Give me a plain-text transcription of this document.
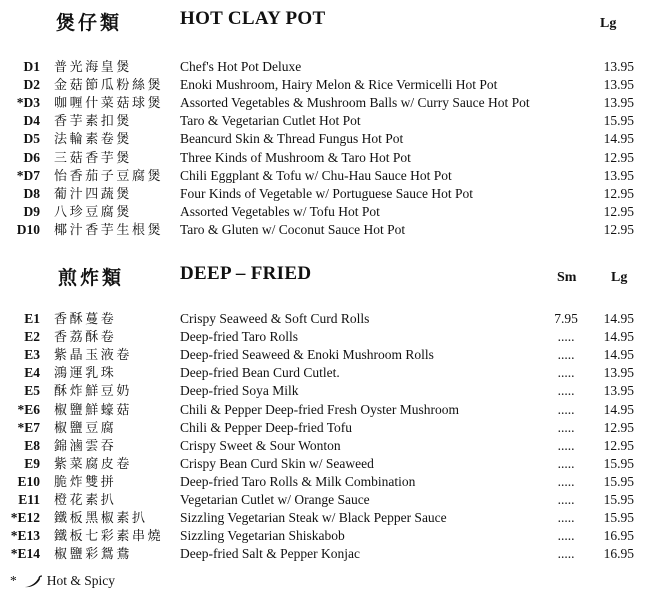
煲仔類	HOT CLAY POT	Lg
D1 普光海皇煲	Chef's Hot Pot Deluxe	13.95
D2 金菇節瓜粉絲煲	Enoki Mushroom, Hairy Melon & Rice Vermicelli Hot Pot	13.95
*D3 咖喱什菜菇球煲	Assorted Vegetables & Mushroom Balls w/ Curry Sauce Hot Pot	13.95
D4 香芋素扣煲	Taro & Vegetarian Cutlet Hot Pot	15.95
D5 法輪素卷煲	Beancurd Skin & Thread Fungus Hot Pot	14.95
D6 三菇香芋煲	Three Kinds of Mushroom & Taro Hot Pot	12.95
*D7 怡香茄子豆腐煲	Chili Eggplant & Tofu w/ Chu-Hau Sauce Hot Pot	13.95
D8 葡汁四蔬煲	Four Kinds of Vegetable w/ Portuguese Sauce Hot Pot	12.95
D9 八珍豆腐煲	Assorted Vegetables w/ Tofu Hot Pot	12.95
D10 椰汁香芋生根煲	Taro & Gluten w/ Coconut Sauce Hot Pot	12.95
煎炸類	DEEP – FRIED	Sm Lg
E1 香酥蔓卷	Crispy Seaweed & Soft Curd Rolls	7.95	14.95
E2 香荔酥卷	Deep-fried Taro Rolls	.....	14.95
E3 紫晶玉液卷	Deep-fried Seaweed & Enoki Mushroom Rolls	.....	14.95
E4 鴻運乳珠	Deep-fried Bean Curd Cutlet.	.....	13.95
E5 酥炸鮮豆奶	Deep-fried Soya Milk	.....	13.95
*E6 椒鹽鮮蠔菇	Chili & Pepper Deep-fried Fresh Oyster Mushroom	.....	14.95
*E7 椒鹽豆腐	Chili & Pepper Deep-fried Tofu	.....	12.95
E8 錦滷雲吞	Crispy Sweet & Sour Wonton	.....	12.95
E9 紫菜腐皮卷	Crispy Bean Curd Skin w/ Seaweed	.....	15.95
E10 脆炸雙拼	Deep-fried Taro Rolls & Milk Combination	.....	15.95
E11 橙花素扒	Vegetarian Cutlet w/ Orange Sauce	.....	15.95
*E12 鐵板黑椒素扒	Sizzling Vegetarian Steak w/ Black Pepper Sauce	.....	15.95
*E13 鐵板七彩素串燒	Sizzling Vegetarian Shiskabob	.....	16.95
*E14 椒鹽彩鴛鴦	Deep-fried Salt & Pepper Konjac	.....	16.95
* Hot & Spicy
